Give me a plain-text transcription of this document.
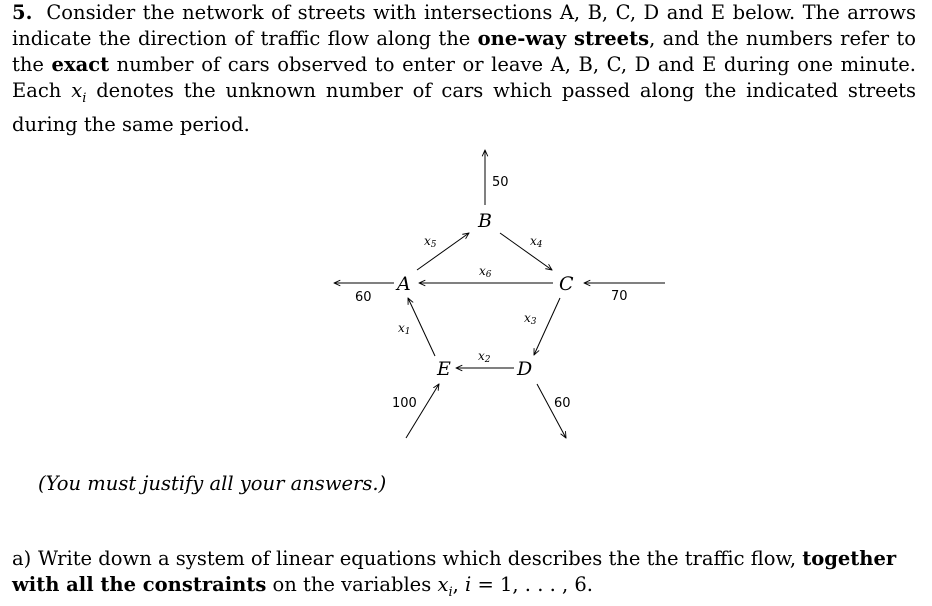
5. Consider the network of streets with intersections A, B, C, D and E below. The arrows indicate the direction of traffic flow along the one-way streets, and the numbers refer to the exact number of cars observed to enter or leave A, B, C, D and E during one minute. Each $x_i$ denotes the unknown number of cars which passed along the indicated streets during the same period.

B
A	C
E	D
50
60	70
100	60
x5	x4
x6
x3
x1
x2
(You must justify all your answers.)

a) Write down a system of linear equations which describes the the traffic flow, together with all the constraints on the variables $x_i$, i = 1, . . . , 6.
